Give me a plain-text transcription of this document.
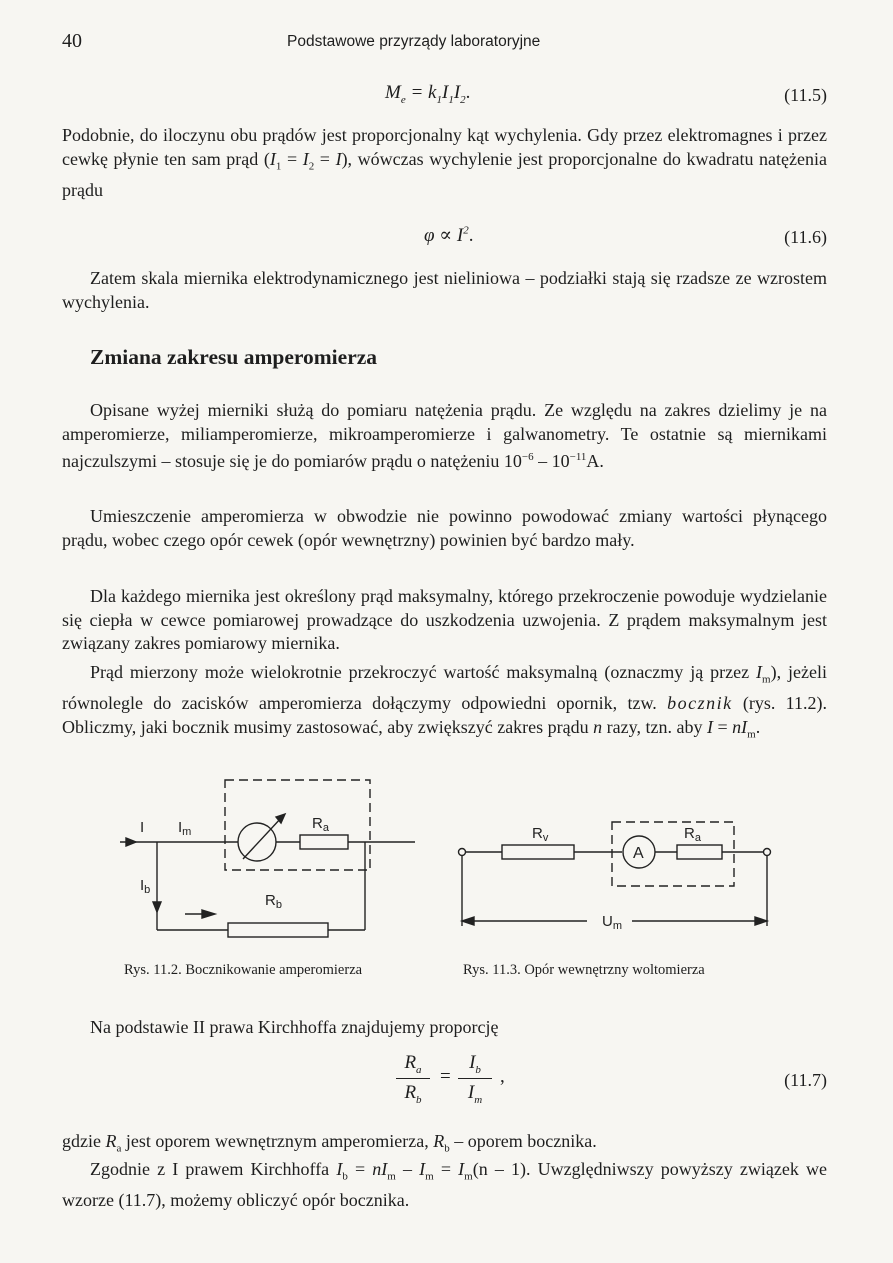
40	Podstawowe przyrządy laboratoryjne
$M_e = k_1I_1I_2$.	(11.5)

Podobnie, do iloczynu obu prądów jest proporcjonalny kąt wychylenia. Gdy przez elektromagnes i przez cewkę płynie ten sam prąd $(I_1 = I_2 = I)$, wówczas wychylenie jest proporcjonalne do kwadratu natężenia prądu

$\varphi \propto I^2$.	(11.6)

Zatem skala miernika elektrodynamicznego jest nieliniowa – podziałki stają się rzadsze ze wzrostem wychylenia.

Zmiana zakresu amperomierza

Opisane wyżej mierniki służą do pomiaru natężenia prądu. Ze względu na zakres dzielimy je na amperomierze, miliamperomierze, mikroamperomierze i galwanometry. Te ostatnie są miernikami najczulszymi – stosuje się je do pomiarów prądu o natężeniu $10^{-6} - 10^{-11}A$.

Umieszczenie amperomierza w obwodzie nie powinno powodować zmiany wartości płynącego prądu, wobec czego opór cewek (opór wewnętrzny) powinien być bardzo mały.

Dla każdego miernika jest określony prąd maksymalny, którego przekroczenie powoduje wydzielanie się ciepła w cewce pomiarowej prowadzące do uszkodzenia uzwojenia. Z prądem maksymalnym jest związany zakres pomiarowy miernika.

Prąd mierzony może wielokrotnie przekroczyć wartość maksymalną (oznaczmy ją przez $I_m$), jeżeli równolegle do zacisków amperomierza dołączymy odpowiedni opornik, tzw. bocznik (rys. 11.2). Obliczmy, jaki bocznik musimy zastosować, aby zwiększyć zakres prądu n razy, tzn. aby $I = nI_m$.

I $I_m$	$R_a$
$I_b$
$R_b$
Rys. 11.2. Bocznikowanie amperomierza
$R_v$	$R_a$
A
$U_m$
Rys. 11.3. Opór wewnętrzny woltomierza

Na podstawie II prawa Kirchhoffa znajdujemy proporcję

$R_a$
$R_b$
=
$I_b$
$I_m$
,	(11.7)

gdzie $R_a$ jest oporem wewnętrznym amperomierza, $R_b$ – oporem bocznika.

Zgodnie z I prawem Kirchhoffa $I_b = nI_m - I_m = I_m(n - 1)$. Uwzględniwszy powyższy związek we wzorze (11.7), możemy obliczyć opór bocznika.
